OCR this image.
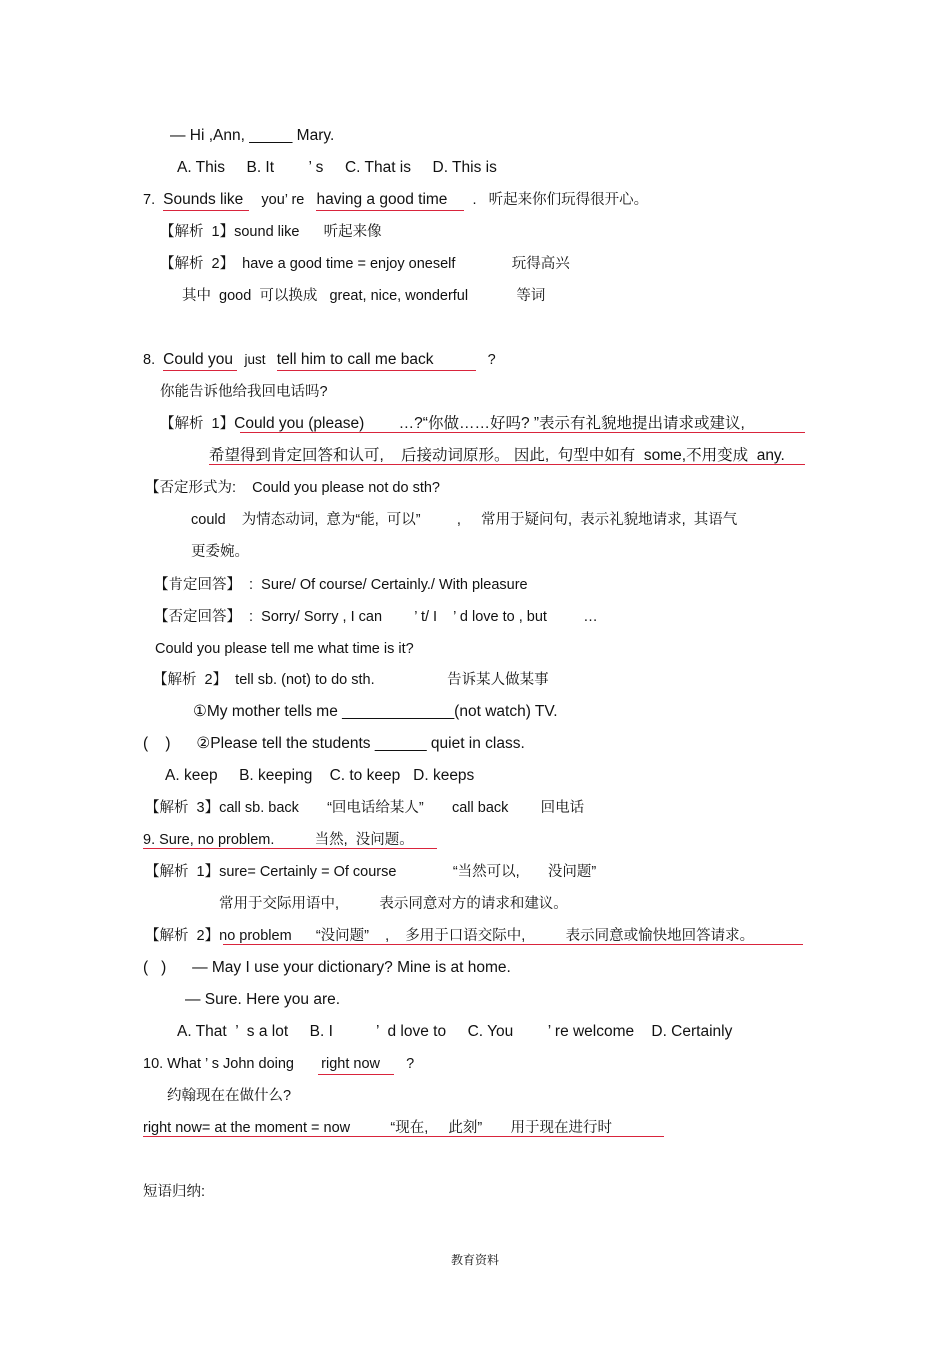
— Hi ,Ann, _____ Mary.
A. This     B. It        ’ s     C. That is     D. This is
7.  Sounds like   you’ re   having a good time  .   听起来你们玩得很开心。
【解析  1】sound like      听起来像
【解析  2】  have a good time = enjoy oneself              玩得高兴
其中  good  可以换成   great, nice, wonderful            等词
8.  Could you  just   tell him to call me back	?
你能告诉他给我回电话吗?
【解析  1】Could you (please)        …?“你做……好吗? ”表示有礼貌地提出请求或建议,
希望得到肯定回答和认可,    后接动词原形。 因此,  句型中如有  some,不用变成  any.
【否定形式为:    Could you please not do sth?
could    为情态动词,  意为“能,  可以”         ,     常用于疑问句,  表示礼貌地请求,  其语气
更委婉。
【肯定回答】  :  Sure/ Of course/ Certainly./ With pleasure
【否定回答】  :  Sorry/ Sorry , I can        ’ t/ I    ’ d love to , but         …
Could you please tell me what time is it?
【解析  2】  tell sb. (not) to do sth.                  告诉某人做某事
①My mother tells me _____________(not watch) TV.
(    )      ②Please tell the students ______ quiet in class.
A. keep     B. keeping    C. to keep   D. keeps
【解析  3】call sb. back       “回电话给某人”       call back        回电话
9. Sure, no problem.          当然,  没问题。
【解析  1】sure= Certainly = Of course              “当然可以,       没问题”
常用于交际用语中,          表示同意对方的请求和建议。
【解析  2】no problem      “没问题”    ,    多用于口语交际中,          表示同意或愉快地回答请求。
(   )      — May I use your dictionary? Mine is at home.
— Sure. Here you are.
A. That  ’  s a lot     B. I          ’  d love to     C. You        ’ re welcome    D. Certainly
10. What ’ s John doing      right now   ?
约翰现在在做什么?
right now= at the moment = now          “现在,     此刻”       用于现在进行时
短语归纳:
教育资料
